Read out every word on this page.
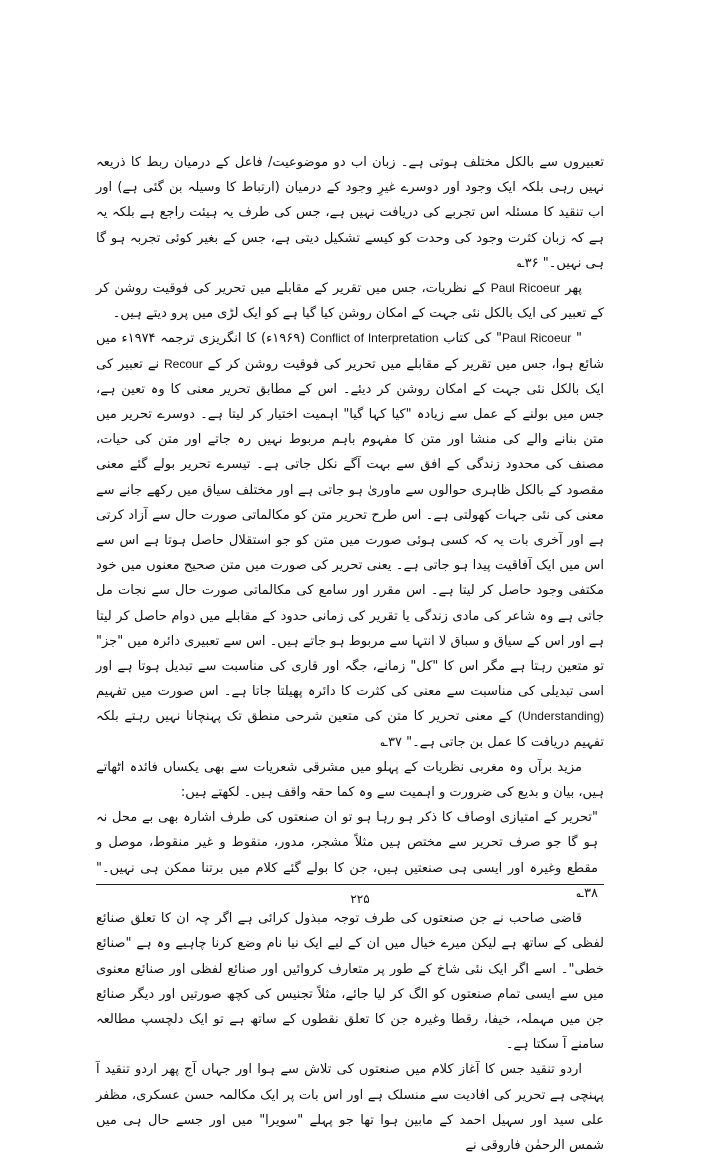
تعبیروں سے بالکل مختلف ہوتی ہے۔ زبان اب دو موضوعیت/ فاعل کے درمیان ربط کا ذریعہ نہیں رہی بلکہ ایک وجود اور دوسرے غیرِ وجود کے درمیان (ارتباط کا وسیلہ بن گئی ہے) اور اب تنقید کا مسئلہ اس تجربے کی دریافت نہیں ہے، جس کی طرف یہ ہیئت راجع ہے بلکہ یہ ہے کہ زبان کثرت وجود کی وحدت کو کیسے تشکیل دیتی ہے، جس کے بغیر کوئی تجربہ ہو گا ہی نہیں۔" ۳۶؎

پھر Paul Ricoeur کے نظریات، جس میں تقریر کے مقابلے میں تحریر کی فوقیت روشن کر کے تعبیر کی ایک بالکل نئی جہت کے امکان روشن کیا گیا ہے کو ایک لڑی میں پرو دیتے ہیں۔

" Paul Ricoeur" کی کتاب Conflict of Interpretation (۱۹۶۹ء) کا انگریزی ترجمہ ۱۹۷۴ء میں شائع ہوا، جس میں تقریر کے مقابلے میں تحریر کی فوقیت روشن کر کے Recour نے تعبیر کی ایک بالکل نئی جہت کے امکان روشن کر دیئے۔ اس کے مطابق تحریر معنی کا وہ تعین ہے، جس میں بولنے کے عمل سے زیادہ "کیا کہا گیا" اہمیت اختیار کر لیتا ہے۔ دوسرے تحریر میں متن بنانے والے کی منشا اور متن کا مفہوم باہم مربوط نہیں رہ جاتے اور متن کی حیات، مصنف کی محدود زندگی کے افق سے بہت آگے نکل جاتی ہے۔ تیسرے تحریر بولے گئے معنی مقصود کے بالکل ظاہری حوالوں سے ماوریٰ ہو جاتی ہے اور مختلف سیاق میں رکھے جانے سے معنی کی نئی جہات کھولتی ہے۔ اس طرح تحریر متن کو مکالماتی صورت حال سے آزاد کرتی ہے اور آخری بات یہ کہ کسی ہوئی صورت میں متن کو جو استقلال حاصل ہوتا ہے اس سے اس میں ایک آفاقیت پیدا ہو جاتی ہے۔ یعنی تحریر کی صورت میں متن صحیح معنوں میں خود مکتفی وجود حاصل کر لیتا ہے۔ اس مقرر اور سامع کی مکالماتی صورت حال سے نجات مل جاتی ہے وہ شاعر کی مادی زندگی یا تقریر کی زمانی حدود کے مقابلے میں دوام حاصل کر لیتا ہے اور اس کے سیاق و سباق لا انتہا سے مربوط ہو جاتے ہیں۔ اس سے تعبیری دائرہ میں "جز" تو متعین رہتا ہے مگر اس کا "کل" زمانے، جگہ اور قاری کی مناسبت سے تبدیل ہوتا ہے اور اسی تبدیلی کی مناسبت سے معنی کی کثرت کا دائرہ پھیلتا جاتا ہے۔ اس صورت میں تفہیم (Understanding) کے معنی تحریر کا متن کی متعین شرحی منطق تک پہنچانا نہیں رہتے بلکہ تفہیم دریافت کا عمل بن جاتی ہے۔" ۳۷؎

مزید برآں وہ مغربی نظریات کے پہلو میں مشرقی شعریات سے بھی یکساں فائدہ اٹھاتے ہیں، بیان و بدیع کی ضرورت و اہمیت سے وہ کما حقہ واقف ہیں۔ لکھتے ہیں:

"تحریر کے امتیازی اوصاف کا ذکر ہو رہا ہو تو ان صنعتوں کی طرف اشارہ بھی بے محل نہ ہو گا جو صرف تحریر سے مختص ہیں مثلاً مشجر، مدور، منقوط و غیر منقوط، موصل و مقطع وغیرہ اور ایسی ہی صنعتیں ہیں، جن کا بولے گئے کلام میں برتنا ممکن ہی نہیں۔" ۳۸؎

قاضی صاحب نے جن صنعتوں کی طرف توجہ مبذول کرائی ہے اگر چہ ان کا تعلق صنائع لفظی کے ساتھ ہے لیکن میرے خیال میں ان کے لیے ایک نیا نام وضع کرنا چاہیے وہ ہے "صنائع خطی"۔ اسے اگر ایک نئی شاخ کے طور پر متعارف کروائیں اور صنائع لفظی اور صنائع معنوی میں سے ایسی تمام صنعتوں کو الگ کر لیا جائے، مثلاً تجنیس کی کچھ صورتیں اور دیگر صنائع جن میں مہملہ، خیفا، رقطا وغیرہ جن کا تعلق نقطوں کے ساتھ ہے تو ایک دلچسپ مطالعہ سامنے آ سکتا ہے۔

اردو تنقید جس کا آغاز کلام میں صنعتوں کی تلاش سے ہوا اور جہاں آج پھر اردو تنقید آ پہنچی ہے تحریر کی افادیت سے منسلک ہے اور اس بات پر ایک مکالمہ حسن عسکری، مظفر علی سید اور سہیل احمد کے مابین ہوا تھا جو پہلے "سویرا" میں اور جسے حال ہی میں شمس الرحمٰن فاروقی نے

۲۲۵
